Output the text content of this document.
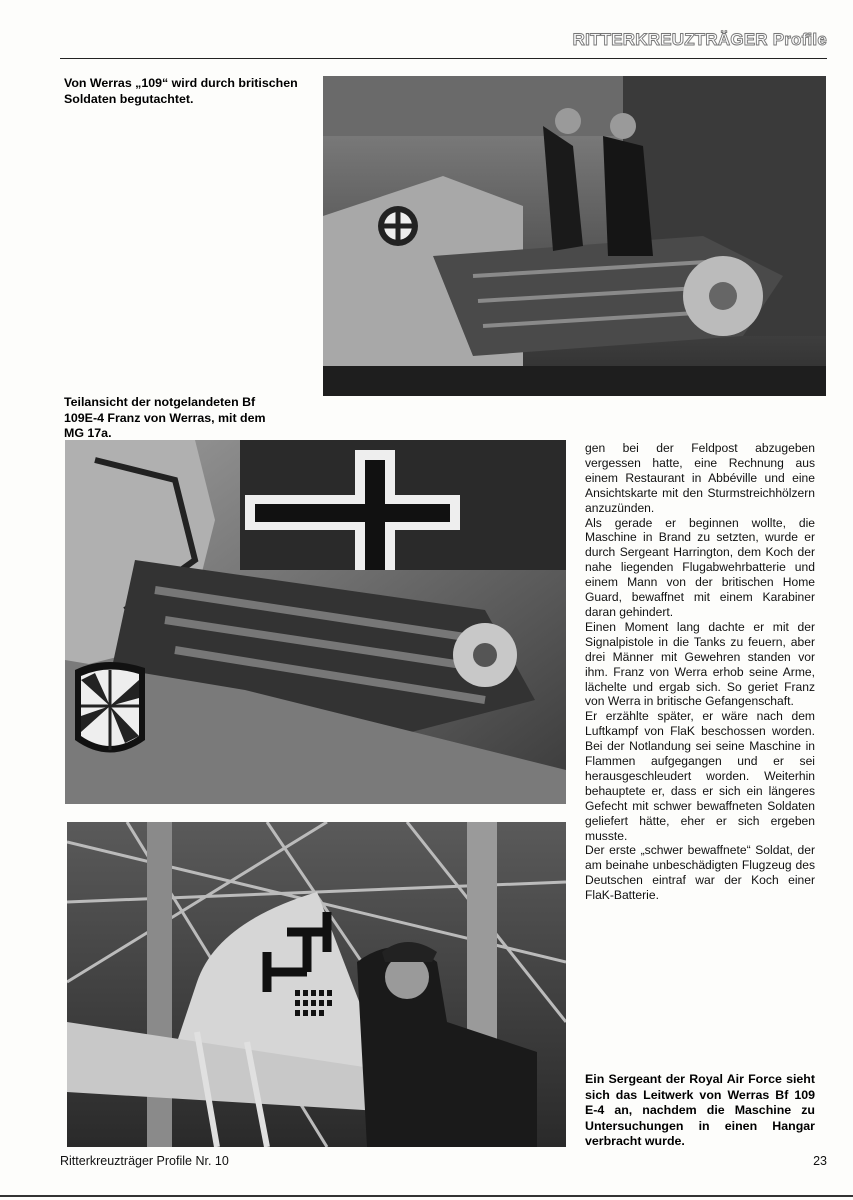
RITTERKREUZTRÄGER Profile
Von Werras „109“ wird durch britischen Soldaten begutachtet.
Teilansicht der notgelandeten Bf 109E-4 Franz von Werras, mit dem MG 17a.

gen bei der Feldpost abzugeben vergessen hatte, eine Rechnung aus einem Restaurant in Abbéville und eine Ansichtskarte mit den Sturmstreichhölzern anzuzünden.

Als gerade er beginnen wollte, die Maschine in Brand zu setzten, wurde er durch Sergeant Harrington, dem Koch der nahe liegenden Flugabwehrbatterie und einem Mann von der britischen Home Guard, bewaffnet mit einem Karabiner daran gehindert.

Einen Moment lang dachte er mit der Signalpistole in die Tanks zu feuern, aber drei Männer mit Gewehren standen vor ihm. Franz von Werra erhob seine Arme, lächelte und ergab sich. So geriet Franz von Werra in britische Gefangenschaft.

Er erzählte später, er wäre nach dem Luftkampf von FlaK beschossen worden. Bei der Notlandung sei seine Maschine in Flammen aufgegangen und er sei herausgeschleudert worden. Weiterhin behauptete er, dass er sich ein längeres Gefecht mit schwer bewaffneten Soldaten geliefert hätte, eher er sich ergeben musste.

Der erste „schwer bewaffnete“ Soldat, der am beinahe unbeschädigten Flugzeug des Deutschen eintraf war der Koch einer FlaK-Batterie.

Ein Sergeant der Royal Air Force sieht sich das Leitwerk von Werras Bf 109 E-4 an, nachdem die Maschine zu Untersuchungen in einen Hangar verbracht wurde.
Ritterkreuzträger Profile Nr. 10	23
